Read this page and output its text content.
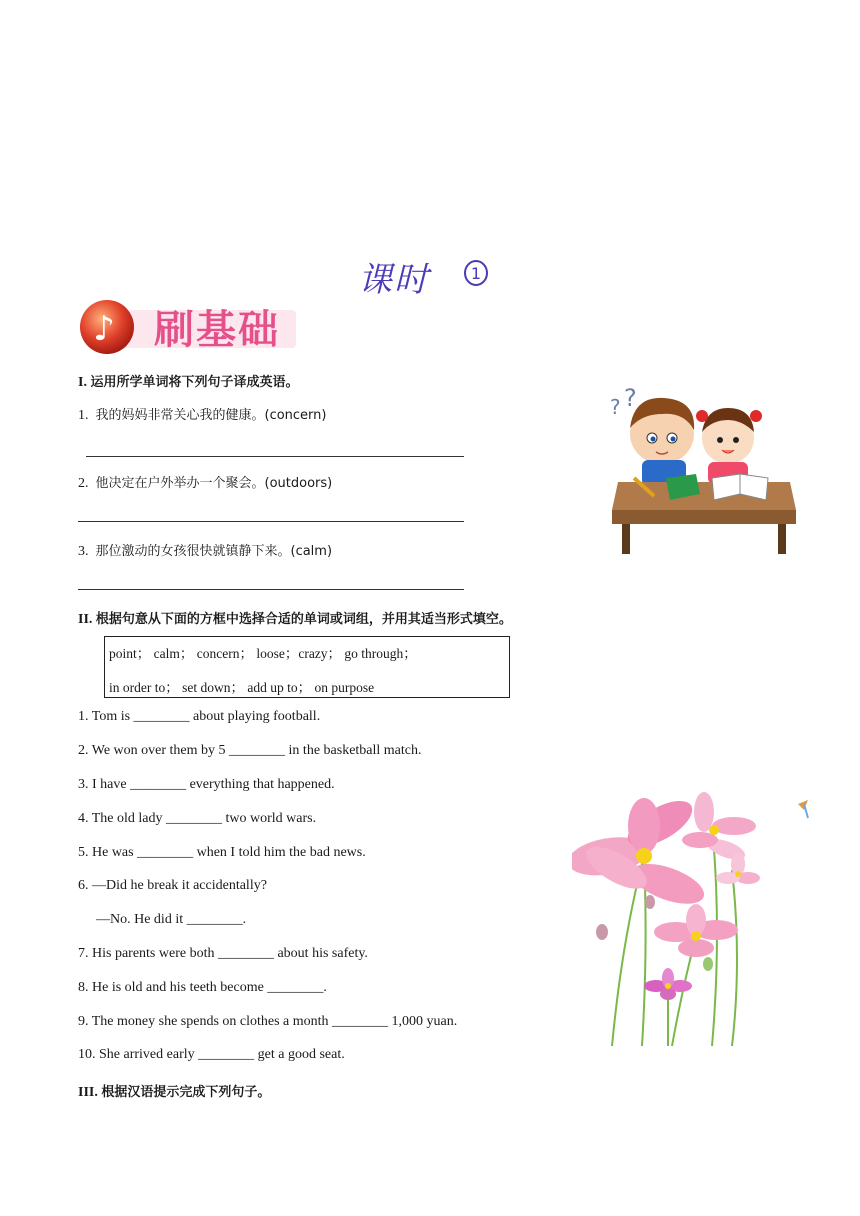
课时	1
♪ 刷基础
I. 运用所学单词将下列句子译成英语。
1. 我的妈妈非常关心我的健康。(concern)
2. 他决定在户外举办一个聚会。(outdoors)
3. 那位激动的女孩很快就镇静下来。(calm)
II. 根据句意从下面的方框中选择合适的单词或词组，并用其适当形式填空。
point； calm； concern； loose；crazy； go through；
in order to； set down； add up to； on purpose
1. Tom is ________ about playing football.
2. We won over them by 5 ________ in the basketball match.
3. I have ________ everything that happened.
4. The old lady ________ two world wars.
5. He was ________ when I told him the bad news.
6. —Did he break it accidentally?
—No. He did it ________.
7. His parents were both ________ about his safety.
8. He is old and his teeth become ________.
9. The money she spends on clothes a month ________ 1,000 yuan.
10. She arrived early ________ get a good seat.
III. 根据汉语提示完成下列句子。
? ?
